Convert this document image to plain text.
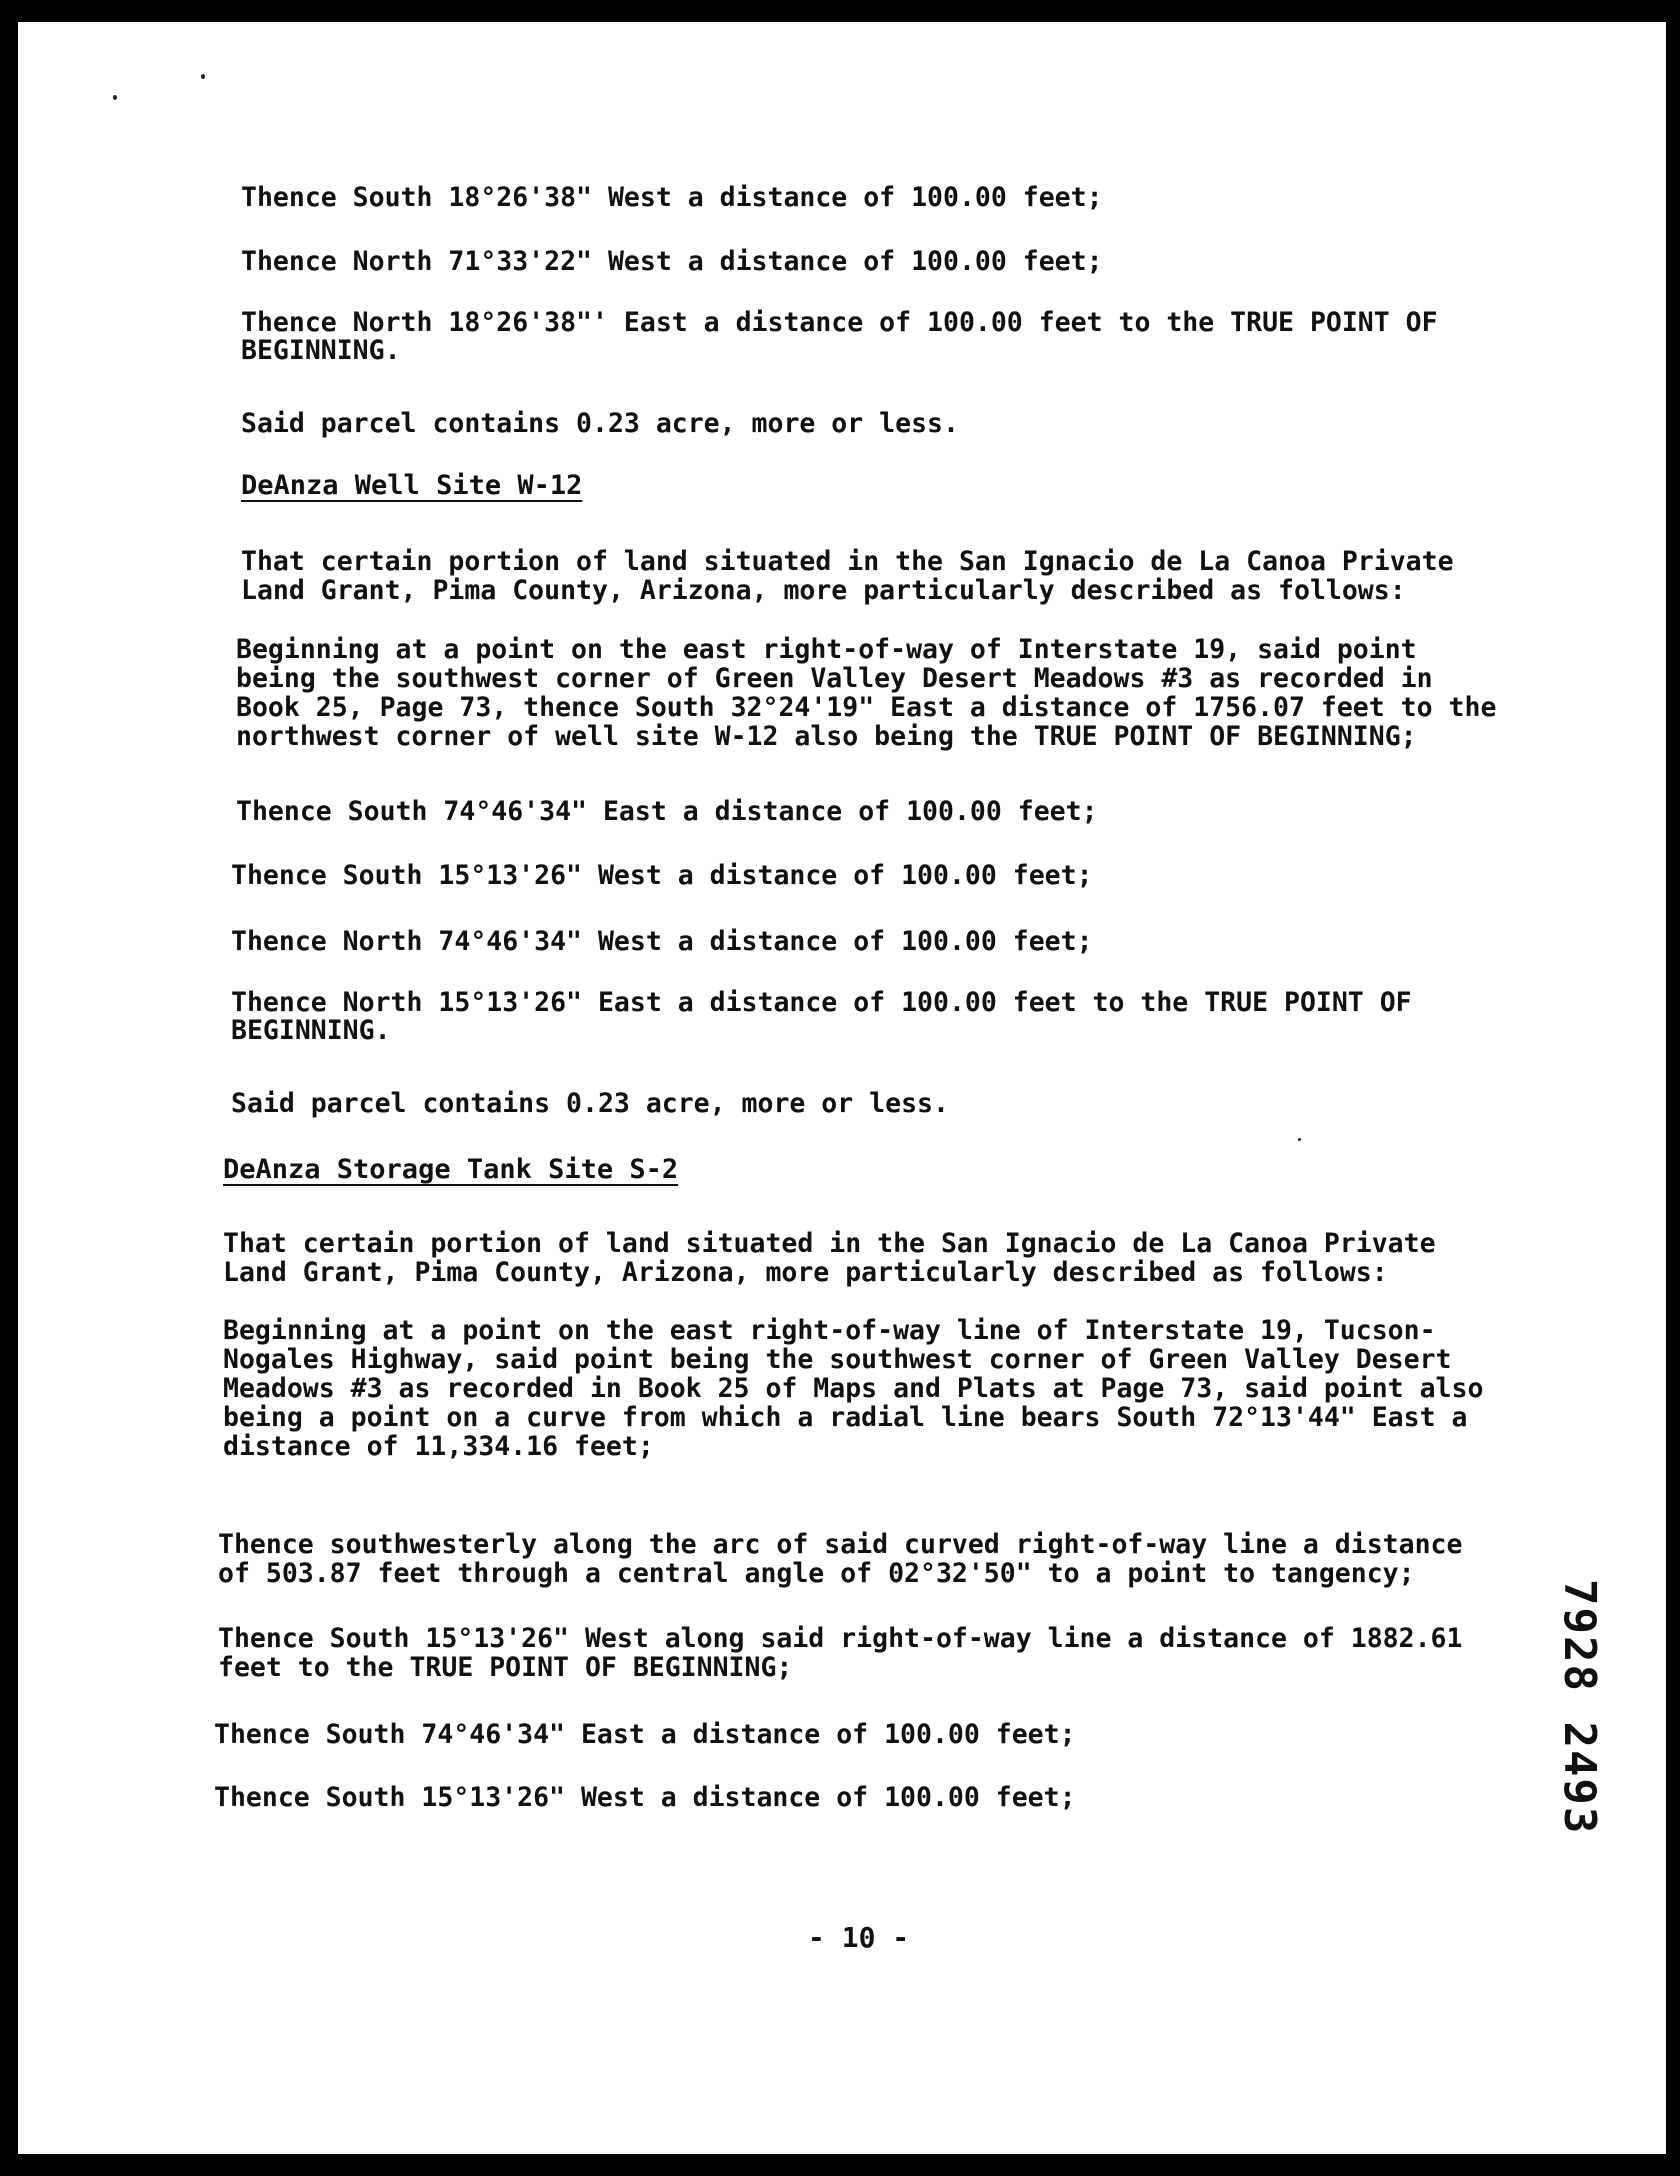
Thence South 18°26'38" West a distance of 100.00 feet;
Thence North 71°33'22" West a distance of 100.00 feet;
Thence North 18°26'38"' East a distance of 100.00 feet to the TRUE POINT OF
BEGINNING.
Said parcel contains 0.23 acre, more or less.
DeAnza Well Site W-12
That certain portion of land situated in the San Ignacio de La Canoa Private
Land Grant, Pima County, Arizona, more particularly described as follows:
Beginning at a point on the east right-of-way of Interstate 19, said point
being the southwest corner of Green Valley Desert Meadows #3 as recorded in
Book 25, Page 73, thence South 32°24'19" East a distance of 1756.07 feet to the
northwest corner of well site W-12 also being the TRUE POINT OF BEGINNING;
Thence South 74°46'34" East a distance of 100.00 feet;
Thence South 15°13'26" West a distance of 100.00 feet;
Thence North 74°46'34" West a distance of 100.00 feet;
Thence North 15°13'26" East a distance of 100.00 feet to the TRUE POINT OF
BEGINNING.
Said parcel contains 0.23 acre, more or less.
DeAnza Storage Tank Site S-2
That certain portion of land situated in the San Ignacio de La Canoa Private
Land Grant, Pima County, Arizona, more particularly described as follows:
Beginning at a point on the east right-of-way line of Interstate 19, Tucson-
Nogales Highway, said point being the southwest corner of Green Valley Desert
Meadows #3 as recorded in Book 25 of Maps and Plats at Page 73, said point also
being a point on a curve from which a radial line bears South 72°13'44" East a
distance of 11,334.16 feet;
Thence southwesterly along the arc of said curved right-of-way line a distance
of 503.87 feet through a central angle of 02°32'50" to a point to tangency;
Thence South 15°13'26" West along said right-of-way line a distance of 1882.61
feet to the TRUE POINT OF BEGINNING;
Thence South 74°46'34" East a distance of 100.00 feet;
Thence South 15°13'26" West a distance of 100.00 feet;	7928 2493
- 10 -
